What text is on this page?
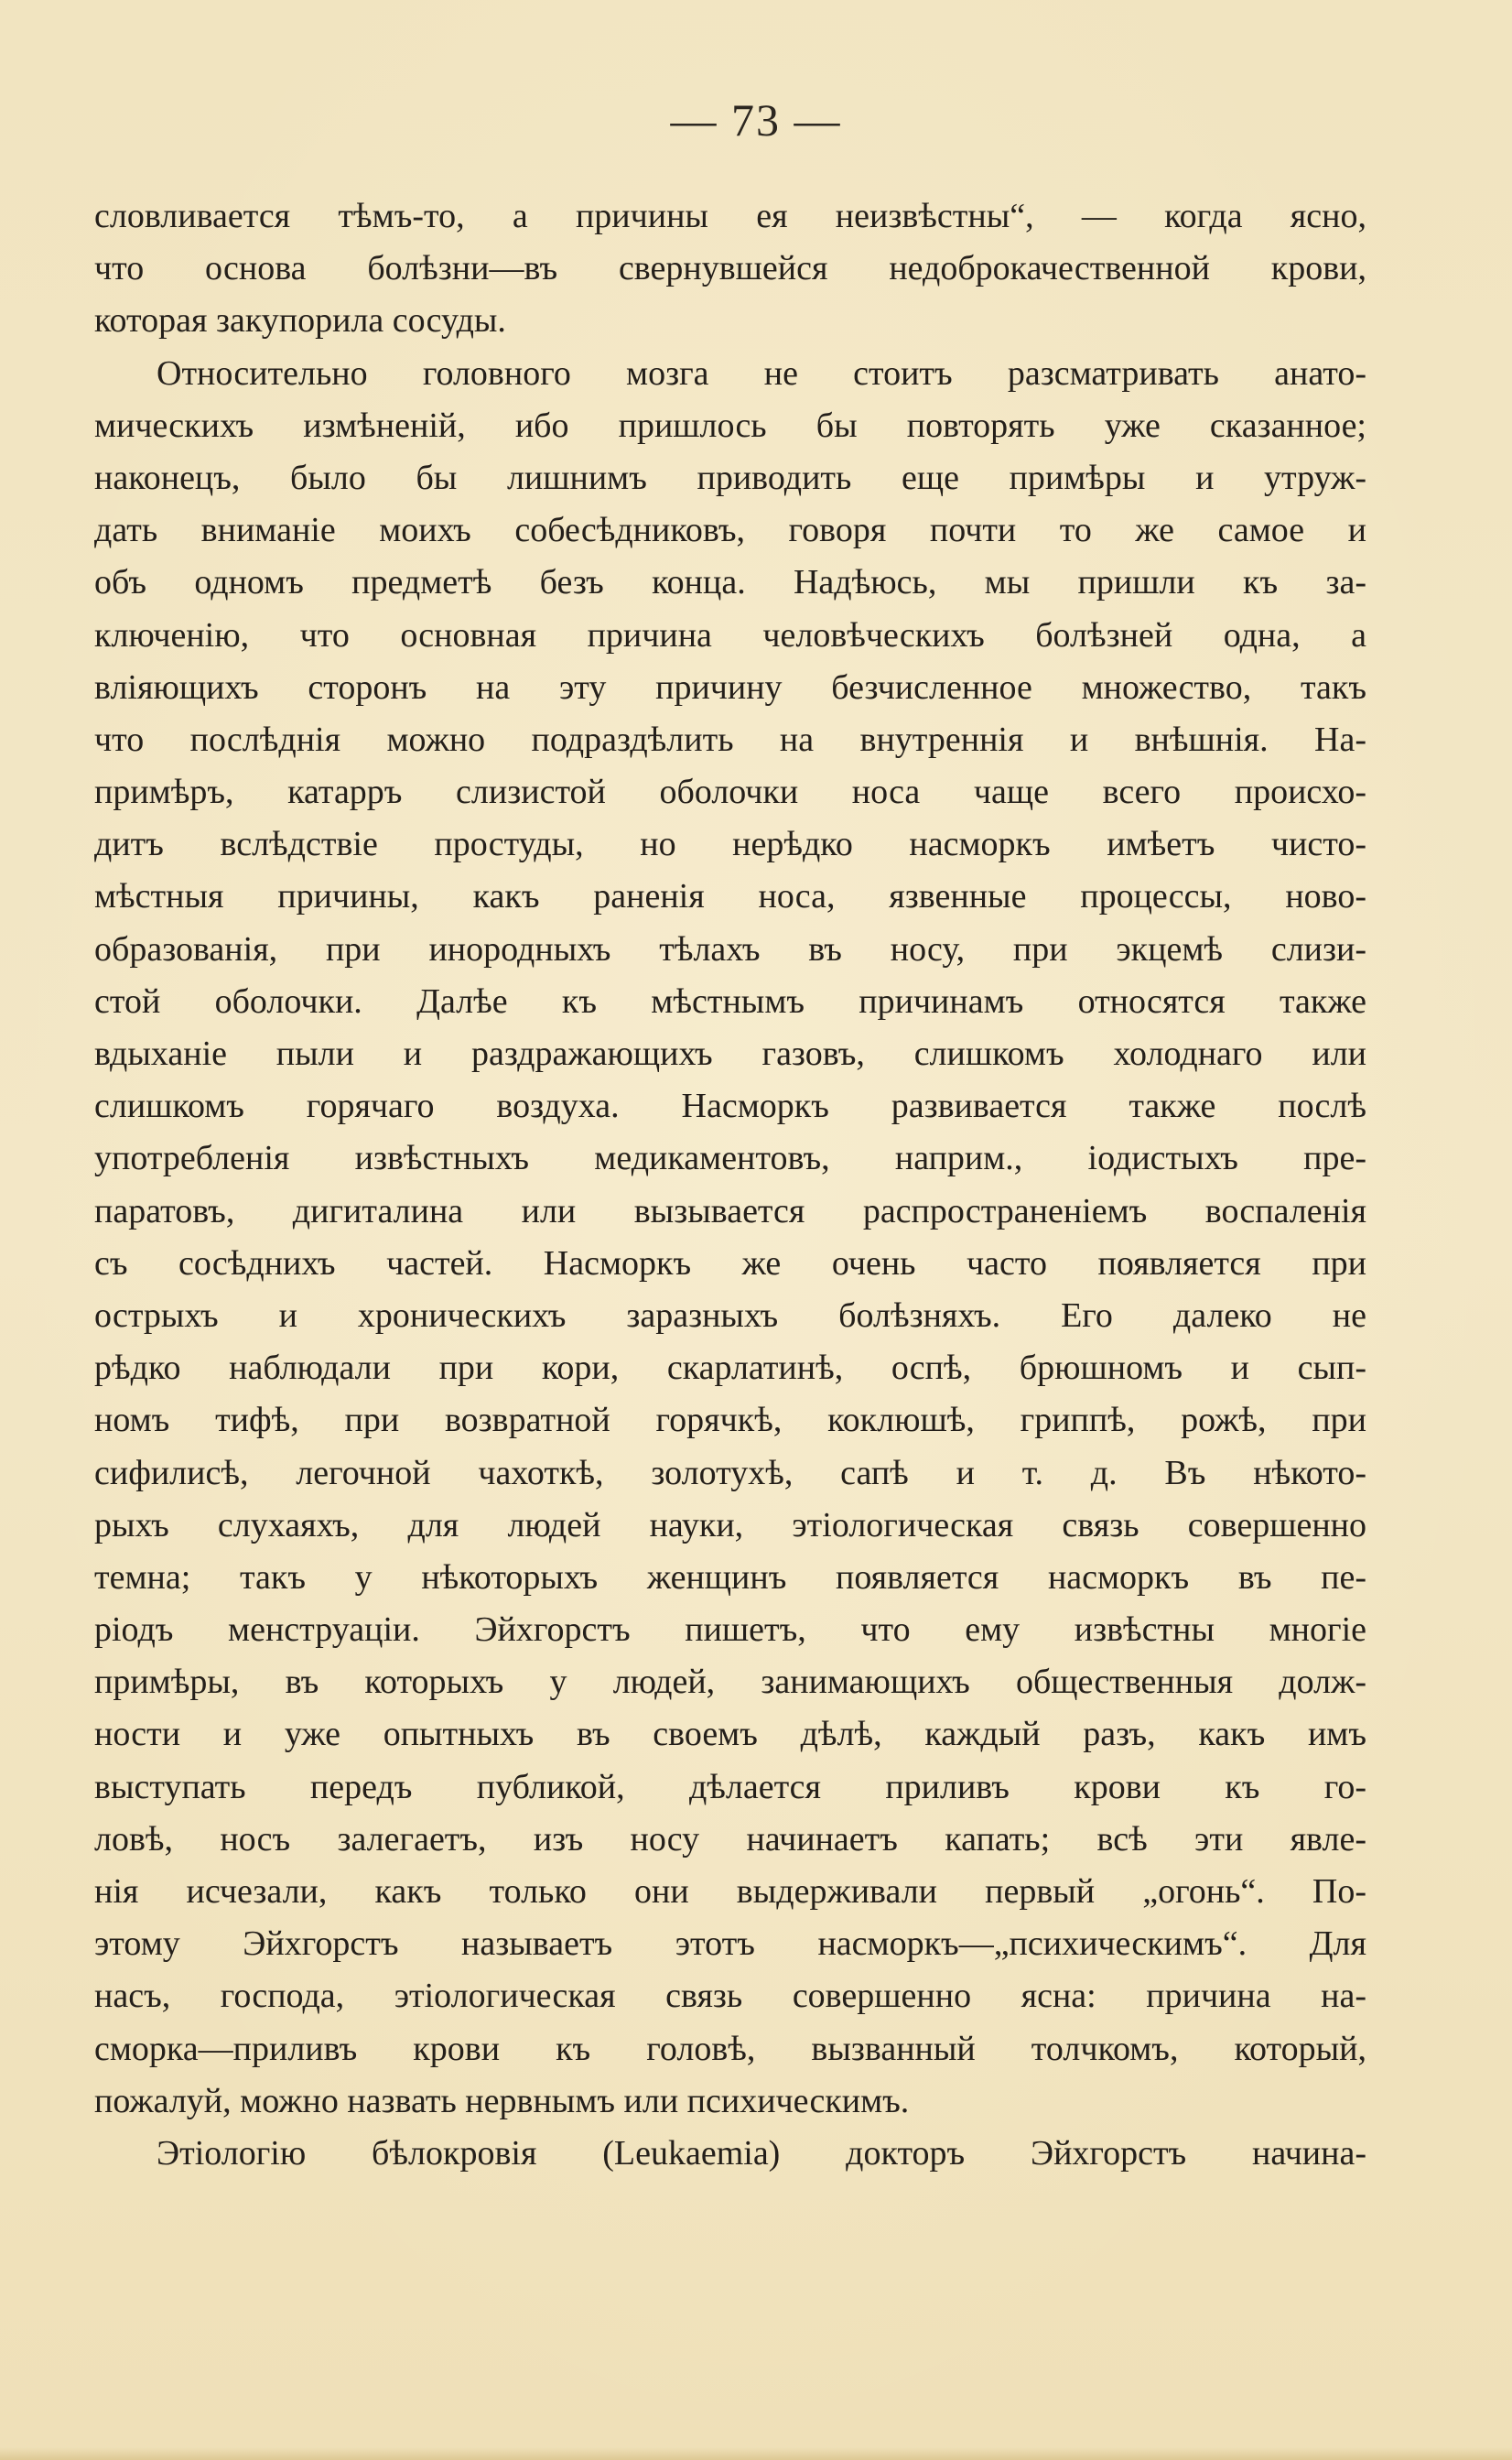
— 73 —
словливается тѣмъ-то, а причины ея неизвѣстны“, — когда ясно,
что основа болѣзни—въ свернувшейся недоброкачественной крови,
которая закупорила сосуды.
Относительно головного мозга не стоитъ разсматривать анато-
мическихъ измѣненій, ибо пришлось бы повторять уже сказанное;
наконецъ, было бы лишнимъ приводить еще примѣры и утруж-
дать вниманіе моихъ собесѣдниковъ, говоря почти то же самое и
объ одномъ предметѣ безъ конца. Надѣюсь, мы пришли къ за-
ключенію, что основная причина человѣческихъ болѣзней одна, а
вліяющихъ сторонъ на эту причину безчисленное множество, такъ
что послѣднія можно подраздѣлить на внутреннія и внѣшнія. На-
примѣръ, катарръ слизистой оболочки носа чаще всего происхо-
дитъ вслѣдствіе простуды, но нерѣдко насморкъ имѣетъ чисто-
мѣстныя причины, какъ раненія носа, язвенные процессы, ново-
образованія, при инородныхъ тѣлахъ въ носу, при экцемѣ слизи-
стой оболочки. Далѣе къ мѣстнымъ причинамъ относятся также
вдыханіе пыли и раздражающихъ газовъ, слишкомъ холоднаго или
слишкомъ горячаго воздуха. Насморкъ развивается также послѣ
употребленія извѣстныхъ медикаментовъ, наприм., іодистыхъ пре-
паратовъ, дигиталина или вызывается распространеніемъ воспаленія
съ сосѣднихъ частей. Насморкъ же очень часто появляется при
острыхъ и хроническихъ заразныхъ болѣзняхъ. Его далеко не
рѣдко наблюдали при кори, скарлатинѣ, оспѣ, брюшномъ и сып-
номъ тифѣ, при возвратной горячкѣ, коклюшѣ, гриппѣ, рожѣ, при
сифилисѣ, легочной чахоткѣ, золотухѣ, сапѣ и т. д. Въ нѣкото-
рыхъ слухаяхъ, для людей науки, этіологическая связь совершенно
темна; такъ у нѣкоторыхъ женщинъ появляется насморкъ въ пе-
ріодъ менструаціи. Эйхгорстъ пишетъ, что ему извѣстны многіе
примѣры, въ которыхъ у людей, занимающихъ общественныя долж-
ности и уже опытныхъ въ своемъ дѣлѣ, каждый разъ, какъ имъ
выступать передъ публикой, дѣлается приливъ крови къ го-
ловѣ, носъ залегаетъ, изъ носу начинаетъ капать; всѣ эти явле-
нія исчезали, какъ только они выдерживали первый „огонь“. По-
этому Эйхгорстъ называетъ этотъ насморкъ—„психическимъ“. Для
насъ, господа, этіологическая связь совершенно ясна: причина на-
сморка—приливъ крови къ головѣ, вызванный толчкомъ, который,
пожалуй, можно назвать нервнымъ или психическимъ.
Этіологію бѣлокровія (Leukaemia) докторъ Эйхгорстъ начина-
